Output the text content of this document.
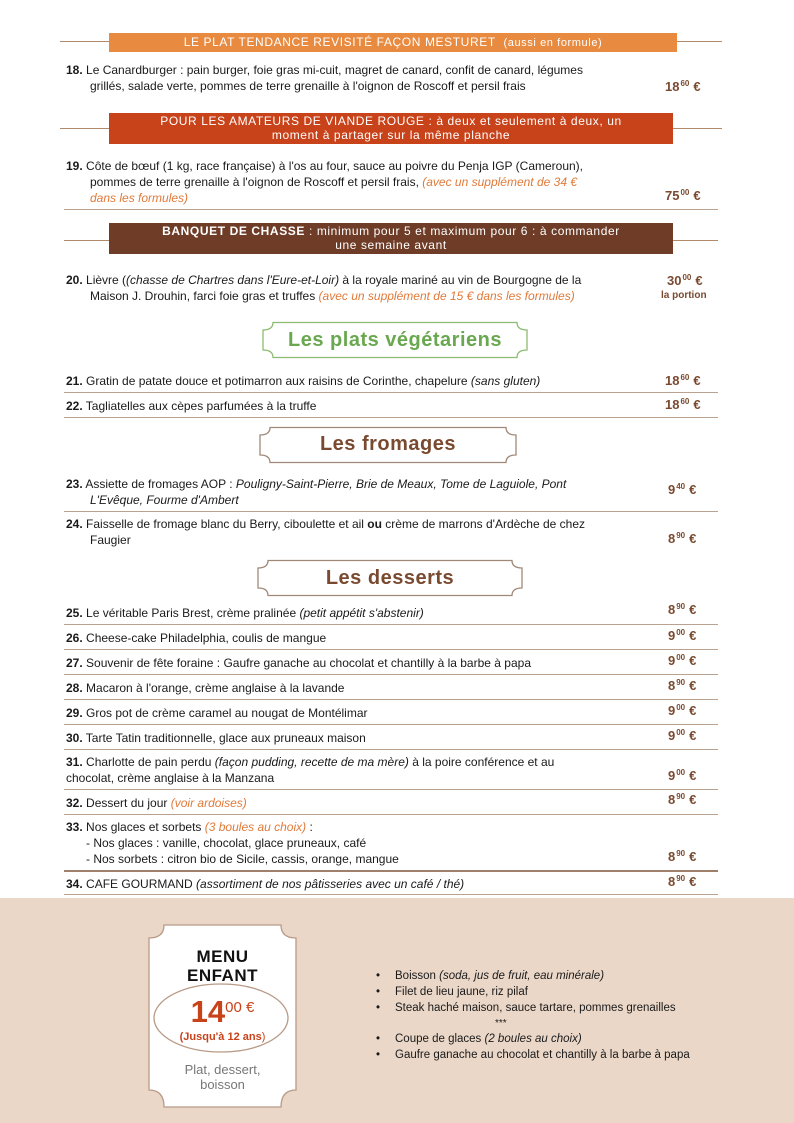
LE PLAT TENDANCE REVISITÉ FAÇON MESTURET (aussi en formule)
18. Le Canardburger : pain burger, foie gras mi-cuit, magret de canard, confit de canard, légumes
grillés, salade verte, pommes de terre grenaille à l'oignon de Roscoff et persil frais	$18^{60}$ €
POUR LES AMATEURS DE VIANDE ROUGE : à deux et seulement à deux, un
moment à partager sur la même planche
19. Côte de bœuf (1 kg, race française) à l'os au four, sauce au poivre du Penja IGP (Cameroun),
pommes de terre grenaille à l'oignon de Roscoff et persil frais, (avec un supplément de 34 €
dans les formules)	$75^{00}$ €
BANQUET DE CHASSE : minimum pour 5 et maximum pour 6 : à commander
une semaine avant
20. Lièvre ((chasse de Chartres dans l'Eure-et-Loir) à la royale mariné au vin de Bourgogne de la
Maison J. Drouhin, farci foie gras et truffes (avec un supplément de 15 € dans les formules)
$30^{00}$ €
la portion
Les plats végétariens
21. Gratin de patate douce et potimarron aux raisins de Corinthe, chapelure (sans gluten)	$18^{60}$ €
22. Tagliatelles aux cèpes parfumées à la truffe	$18^{60}$ €
Les fromages
23. Assiette de fromages AOP : Pouligny-Saint-Pierre, Brie de Meaux, Tome de Laguiole, Pont
L'Evêque, Fourme d'Ambert
$9^{40}$ €
24. Faisselle de fromage blanc du Berry, ciboulette et ail ou crème de marrons d'Ardèche de chez
Faugier	$8^{90}$ €
Les desserts
25. Le véritable Paris Brest, crème pralinée (petit appétit s'abstenir)	$8^{90}$ €
26. Cheese-cake Philadelphia, coulis de mangue	$9^{00}$ €
27. Souvenir de fête foraine : Gaufre ganache au chocolat et chantilly à la barbe à papa	$9^{00}$ €
28. Macaron à l'orange, crème anglaise à la lavande	$8^{90}$ €
29. Gros pot de crème caramel au nougat de Montélimar	$9^{00}$ €
30. Tarte Tatin traditionnelle, glace aux pruneaux maison	$9^{00}$ €
31. Charlotte de pain perdu (façon pudding, recette de ma mère) à la poire conférence et au
chocolat, crème anglaise à la Manzana	$9^{00}$ €
32. Dessert du jour (voir ardoises)	$8^{90}$ €
33. Nos glaces et sorbets (3 boules au choix) :
- Nos glaces : vanille, chocolat, glace pruneaux, café
- Nos sorbets : citron bio de Sicile, cassis, orange, mangue	$8^{90}$ €
34. CAFE GOURMAND (assortiment de nos pâtisseries avec un café / thé)	$8^{90}$ €
MENU
ENFANT
1400 €
(Jusqu'à 12 ans)
Plat, dessert,
boisson
• Boisson (soda, jus de fruit, eau minérale)
• Filet de lieu jaune, riz pilaf
• Steak haché maison, sauce tartare, pommes grenailles
***
• Coupe de glaces (2 boules au choix)
• Gaufre ganache au chocolat et chantilly à la barbe à papa
